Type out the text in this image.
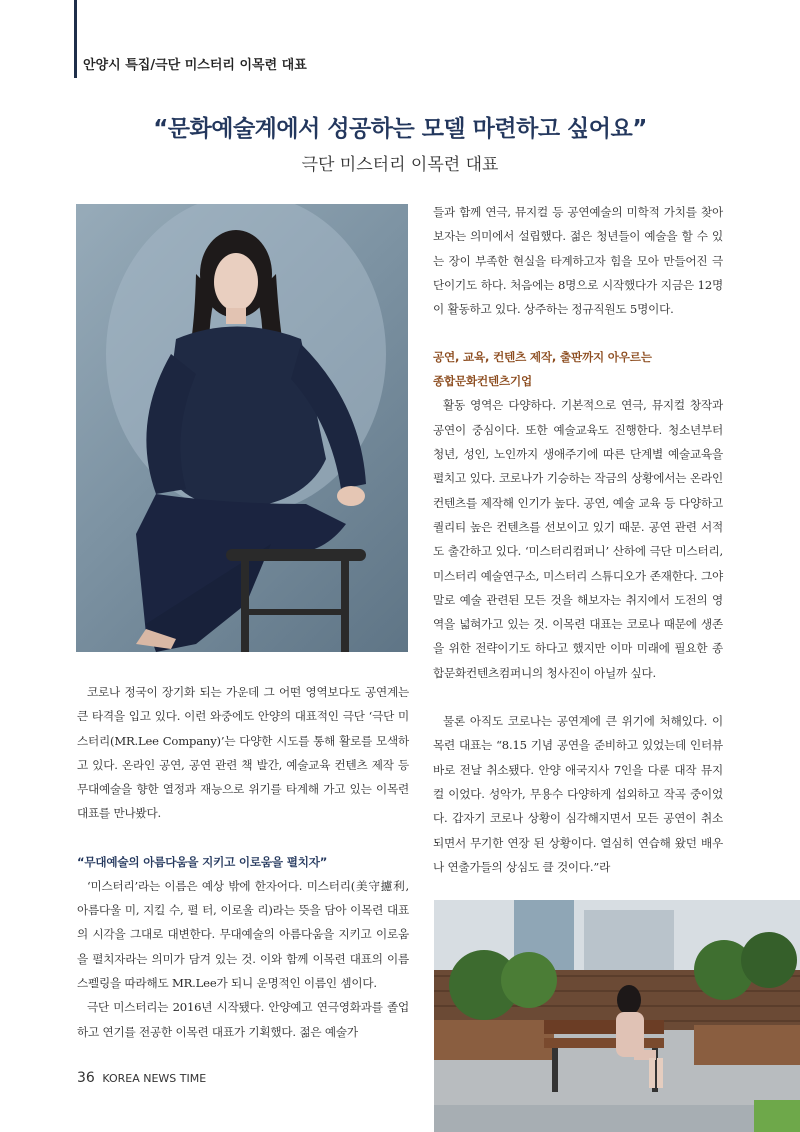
안양시 특집/극단 미스터리 이목련 대표
“문화예술계에서 성공하는 모델 마련하고 싶어요”
극단 미스터리 이목련 대표

코로나 정국이 장기화 되는 가운데 그 어떤 영역보다도 공연계는 큰 타격을 입고 있다. 이런 와중에도 안양의 대표적인 극단 ‘극단 미스터리(MR.Lee Company)’는 다양한 시도를 통해 활로를 모색하고 있다. 온라인 공연, 공연 관련 책 발간, 예술교육 컨텐츠 제작 등 무대예술을 향한 열정과 재능으로 위기를 타계해 가고 있는 이목련 대표를 만나봤다.

“무대예술의 아름다움을 지키고 이로움을 펼치자”

‘미스터리’라는 이름은 예상 밖에 한자어다. 미스터리(美守攄利, 아름다울 미, 지킬 수, 펼 터, 이로울 리)라는 뜻을 담아 이목련 대표의 시각을 그대로 대변한다. 무대예술의 아름다움을 지키고 이로움을 펼치자라는 의미가 담겨 있는 것. 이와 함께 이목련 대표의 이름 스펠링을 따라해도 MR.Lee가 되니 운명적인 이름인 셈이다.

극단 미스터리는 2016년 시작됐다. 안양예고 연극영화과를 졸업하고 연기를 전공한 이목련 대표가 기획했다. 젊은 예술가

들과 함께 연극, 뮤지컬 등 공연예술의 미학적 가치를 찾아보자는 의미에서 설립했다. 젊은 청년들이 예술을 할 수 있는 장이 부족한 현실을 타계하고자 힘을 모아 만들어진 극단이기도 하다. 처음에는 8명으로 시작했다가 지금은 12명이 활동하고 있다. 상주하는 정규직원도 5명이다.

공연, 교육, 컨텐츠 제작, 출판까지 아우르는
종합문화컨텐츠기업

활동 영역은 다양하다. 기본적으로 연극, 뮤지컬 창작과 공연이 중심이다. 또한 예술교육도 진행한다. 청소년부터 청년, 성인, 노인까지 생애주기에 따른 단계별 예술교육을 펼치고 있다. 코로나가 기승하는 작금의 상황에서는 온라인 컨텐츠를 제작해 인기가 높다. 공연, 예술 교육 등 다양하고 퀄리티 높은 컨텐츠를 선보이고 있기 때문. 공연 관련 서적도 출간하고 있다. ‘미스터리컴퍼니’ 산하에 극단 미스터리, 미스터리 예술연구소, 미스터리 스튜디오가 존재한다. 그야말로 예술 관련된 모든 것을 해보자는 취지에서 도전의 영역을 넓혀가고 있는 것. 이목련 대표는 코로나 때문에 생존을 위한 전략이기도 하다고 했지만 이마 미래에 필요한 종합문화컨텐츠컴퍼니의 청사진이 아닐까 싶다.

물론 아직도 코로나는 공연계에 큰 위기에 처해있다. 이목련 대표는 “8.15 기념 공연을 준비하고 있었는데 인터뷰 바로 전날 취소됐다. 안양 애국지사 7인을 다룬 대작 뮤지컬 이었다. 성악가, 무용수 다양하게 섭외하고 작곡 중이었다. 갑자기 코로나 상황이 심각해지면서 모든 공연이 취소되면서 무기한 연장 된 상황이다. 열심히 연습해 왔던 배우나 연출가들의 상심도 클 것이다.”라

36 KOREA NEWS TIME
